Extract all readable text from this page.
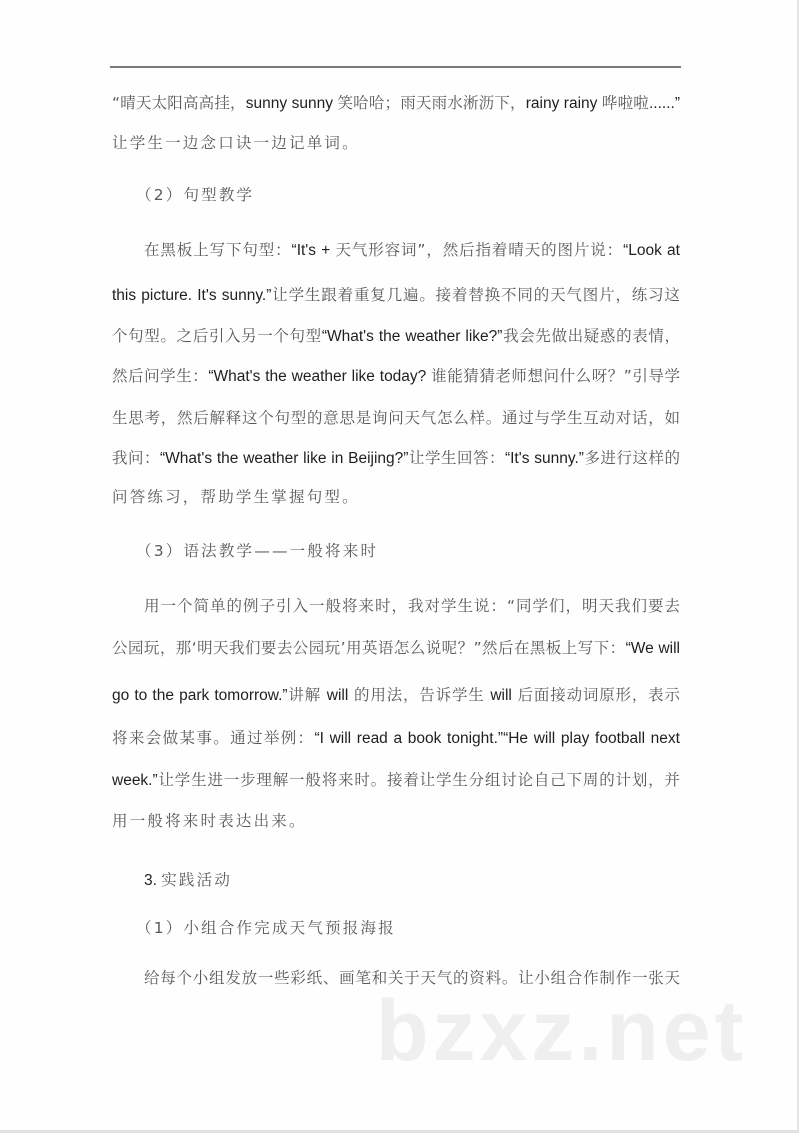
“晴天太阳高高挂，sunny sunny 笑哈哈；雨天雨水淅沥下，rainy rainy 哗啦啦......”
让学生一边念口诀一边记单词。
（2）句型教学
在黑板上写下句型：“It's + 天气形容词”，然后指着晴天的图片说：“Look at
this picture. It's sunny.”让学生跟着重复几遍。接着替换不同的天气图片，练习这
个句型。之后引入另一个句型“What's the weather like?”我会先做出疑惑的表情，
然后问学生：“What's the weather like today? 谁能猜猜老师想问什么呀？”引导学
生思考，然后解释这个句型的意思是询问天气怎么样。通过与学生互动对话，如
我问：“What's the weather like in Beijing?”让学生回答：“It's sunny.”多进行这样的
问答练习，帮助学生掌握句型。
（3）语法教学——一般将来时
用一个简单的例子引入一般将来时，我对学生说：“同学们，明天我们要去
公园玩，那‘明天我们要去公园玩’用英语怎么说呢？”然后在黑板上写下：“We will
go to the park tomorrow.”讲解 will 的用法，告诉学生 will 后面接动词原形，表示
将来会做某事。通过举例：“I will read a book tonight.”“He will play football next
week.”让学生进一步理解一般将来时。接着让学生分组讨论自己下周的计划，并
用一般将来时表达出来。
3. 实践活动
（1）小组合作完成天气预报海报
给每个小组发放一些彩纸、画笔和关于天气的资料。让小组合作制作一张天
bzxz.net
